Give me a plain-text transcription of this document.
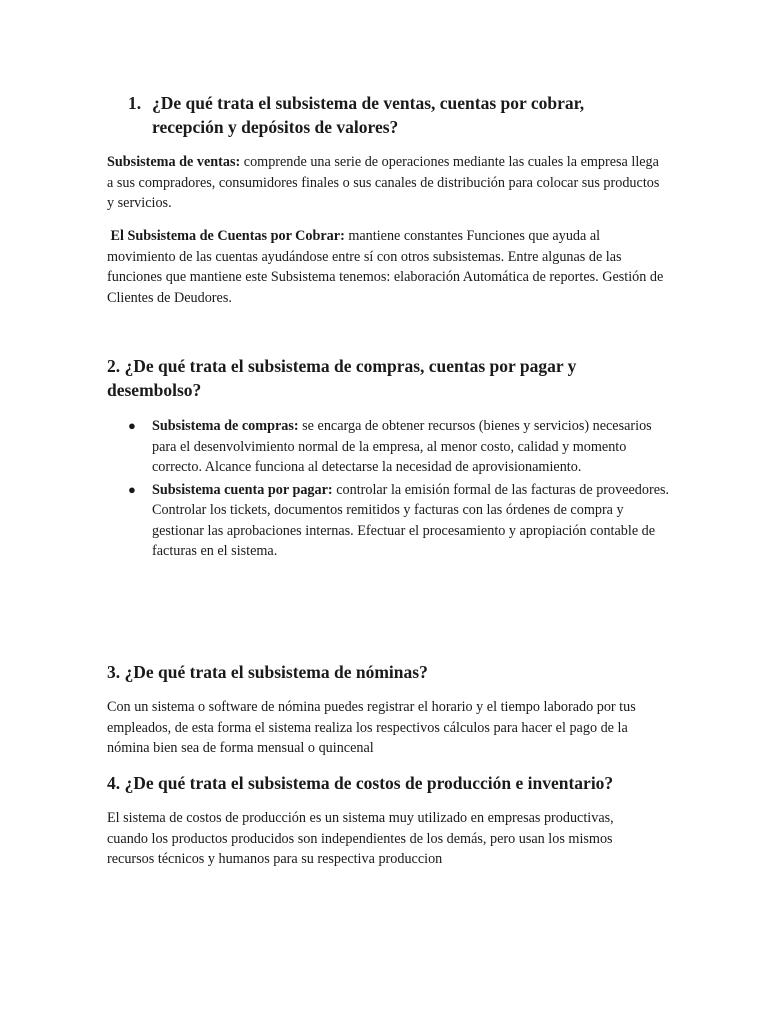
1. ¿De qué trata el subsistema de ventas, cuentas por cobrar,
recepción y depósitos de valores?

Subsistema de ventas: comprende una serie de operaciones mediante las cuales la empresa llega a sus compradores, consumidores finales o sus canales de distribución para colocar sus productos y servicios.

El Subsistema de Cuentas por Cobrar: mantiene constantes Funciones que ayuda al movimiento de las cuentas ayudándose entre sí con otros subsistemas. Entre algunas de las funciones que mantiene este Subsistema tenemos: elaboración Automática de reportes. Gestión de  Clientes de Deudores.

2. ¿De qué trata el subsistema de compras, cuentas por pagar y
desembolso?
● Subsistema de compras: se encarga de obtener recursos (bienes y servicios) necesarios para el desenvolvimiento normal de la empresa, al menor costo, calidad y momento correcto. Alcance funciona al detectarse la necesidad de aprovisionamiento.
● Subsistema cuenta por pagar: controlar la emisión formal de las facturas de proveedores. Controlar los tickets, documentos remitidos y facturas con las órdenes de compra y gestionar las aprobaciones internas. Efectuar el procesamiento y apropiación contable de facturas en el sistema.
3. ¿De qué trata el subsistema de nóminas?

Con un sistema o software de nómina puedes registrar el horario y el tiempo laborado por tus empleados, de esta forma el sistema realiza los respectivos cálculos para hacer el pago de la nómina bien sea de forma mensual o quincenal

4. ¿De qué trata el subsistema de costos de producción e inventario?

El sistema de costos de producción es un sistema muy utilizado en empresas productivas, cuando los productos producidos son independientes de los demás, pero usan los mismos recursos técnicos y humanos para su respectiva produccion
